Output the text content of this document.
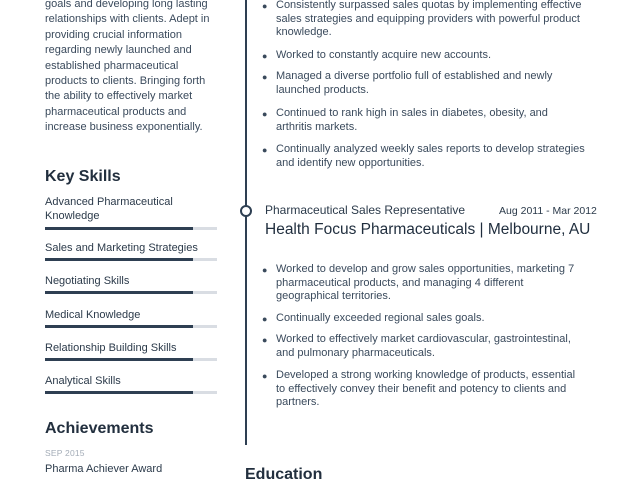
goals and developing long lasting
relationships with clients. Adept in
providing crucial information
regarding newly launched and
established pharmaceutical
products to clients. Bringing forth
the ability to effectively market
pharmaceutical products and
increase business exponentially.
Key Skills
Advanced Pharmaceutical
Knowledge
Sales and Marketing Strategies
Negotiating Skills
Medical Knowledge
Relationship Building Skills
Analytical Skills
Achievements
SEP 2015
Pharma Achiever Award
● Consistently surpassed sales quotas by implementing effective
sales strategies and equipping providers with powerful product
knowledge.
● Worked to constantly acquire new accounts.
● Managed a diverse portfolio full of established and newly
launched products.
● Continued to rank high in sales in diabetes, obesity, and
arthritis markets.
● Continually analyzed weekly sales reports to develop strategies
and identify new opportunities.
Pharmaceutical Sales Representative	Aug 2011 - Mar 2012
Health Focus Pharmaceuticals | Melbourne, AU
● Worked to develop and grow sales opportunities, marketing 7
pharmaceutical products, and managing 4 different
geographical territories.
● Continually exceeded regional sales goals.
● Worked to effectively market cardiovascular, gastrointestinal,
and pulmonary pharmaceuticals.
● Developed a strong working knowledge of products, essential
to effectively convey their benefit and potency to clients and
partners.
Education
